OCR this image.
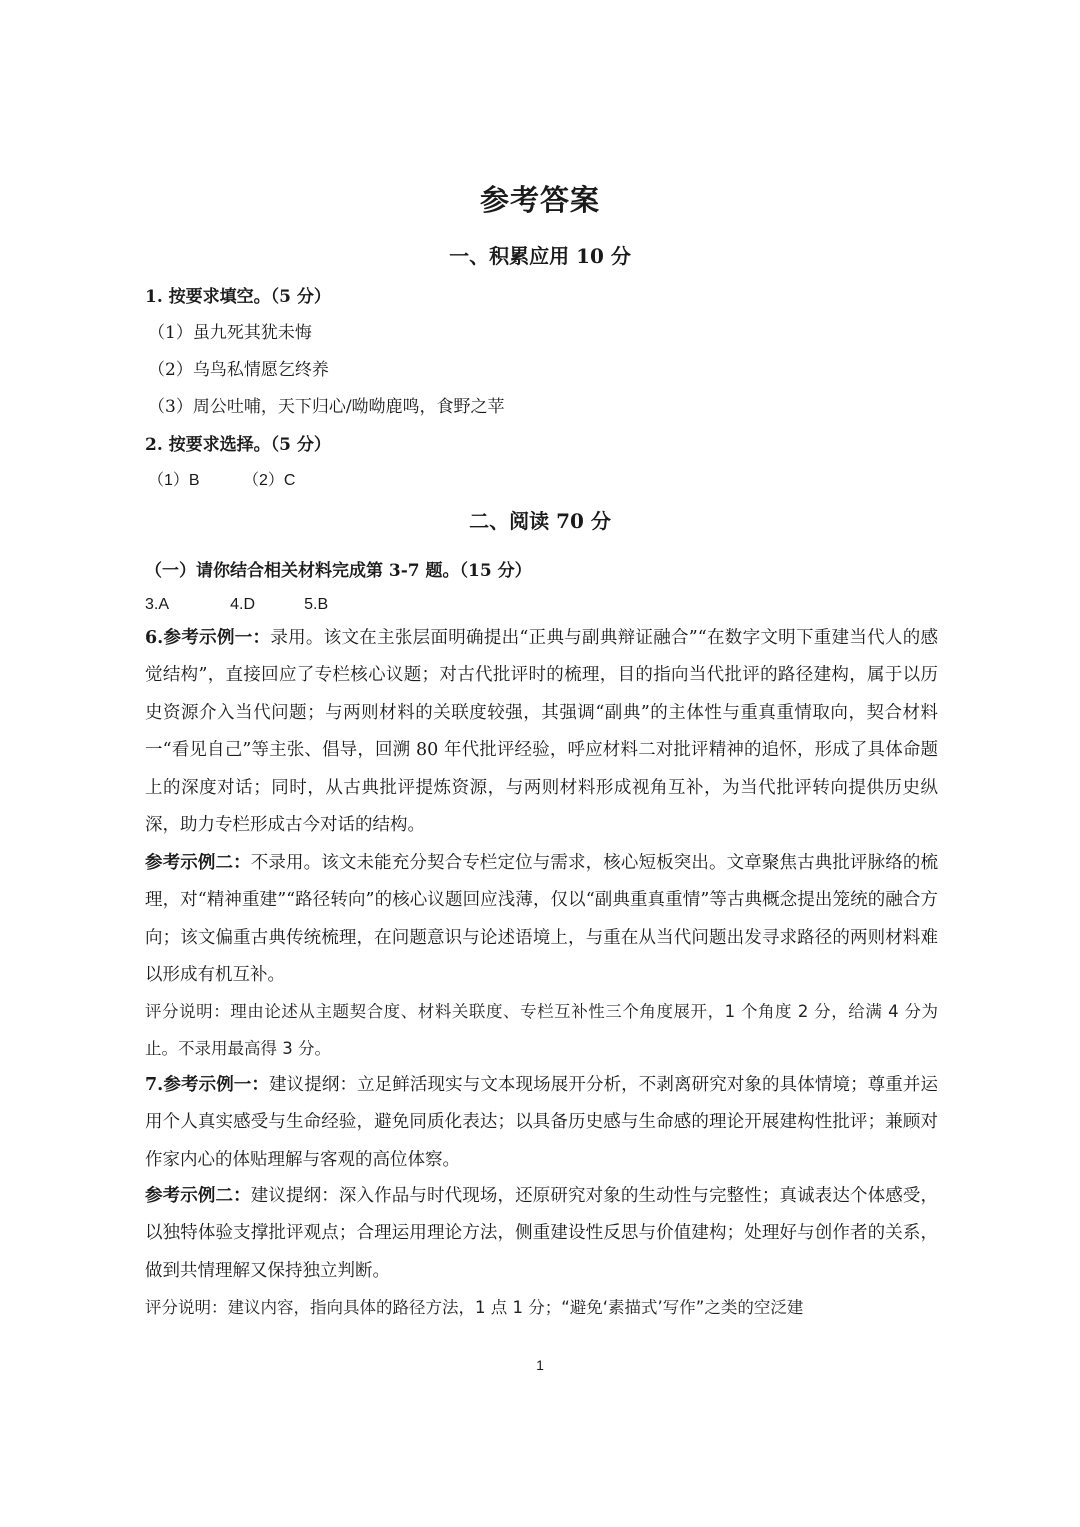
参考答案
一、积累应用 10 分
1. 按要求填空。（5 分）
（1）虽九死其犹未悔
（2）乌鸟私情愿乞终养
（3）周公吐哺，天下归心/呦呦鹿鸣，食野之苹
2. 按要求选择。（5 分）
（1）B	（2）C
二、阅读 70 分
（一）请你结合相关材料完成第 3-7 题。（15 分）
3.A	4.D	5.B
6.参考示例一：录用。该文在主张层面明确提出“正典与副典辩证融合”“在数字文明下重建当代人的感觉结构”，直接回应了专栏核心议题；对古代批评时的梳理，目的指向当代批评的路径建构，属于以历史资源介入当代问题；与两则材料的关联度较强，其强调“副典”的主体性与重真重情取向，契合材料一“看见自己”等主张、倡导，回溯 80 年代批评经验，呼应材料二对批评精神的追怀，形成了具体命题上的深度对话；同时，从古典批评提炼资源，与两则材料形成视角互补，为当代批评转向提供历史纵深，助力专栏形成古今对话的结构。
参考示例二：不录用。该文未能充分契合专栏定位与需求，核心短板突出。文章聚焦古典批评脉络的梳理，对“精神重建”“路径转向”的核心议题回应浅薄，仅以“副典重真重情”等古典概念提出笼统的融合方向；该文偏重古典传统梳理，在问题意识与论述语境上，与重在从当代问题出发寻求路径的两则材料难以形成有机互补。
评分说明：理由论述从主题契合度、材料关联度、专栏互补性三个角度展开，1 个角度 2 分，给满 4 分为止。不录用最高得 3 分。
7.参考示例一：建议提纲：立足鲜活现实与文本现场展开分析，不剥离研究对象的具体情境；尊重并运用个人真实感受与生命经验，避免同质化表达；以具备历史感与生命感的理论开展建构性批评；兼顾对作家内心的体贴理解与客观的高位体察。
参考示例二：建议提纲：深入作品与时代现场，还原研究对象的生动性与完整性；真诚表达个体感受，以独特体验支撑批评观点；合理运用理论方法，侧重建设性反思与价值建构；处理好与创作者的关系，做到共情理解又保持独立判断。
评分说明：建议内容，指向具体的路径方法，1 点 1 分；“避免‘素描式’写作”之类的空泛建
1
